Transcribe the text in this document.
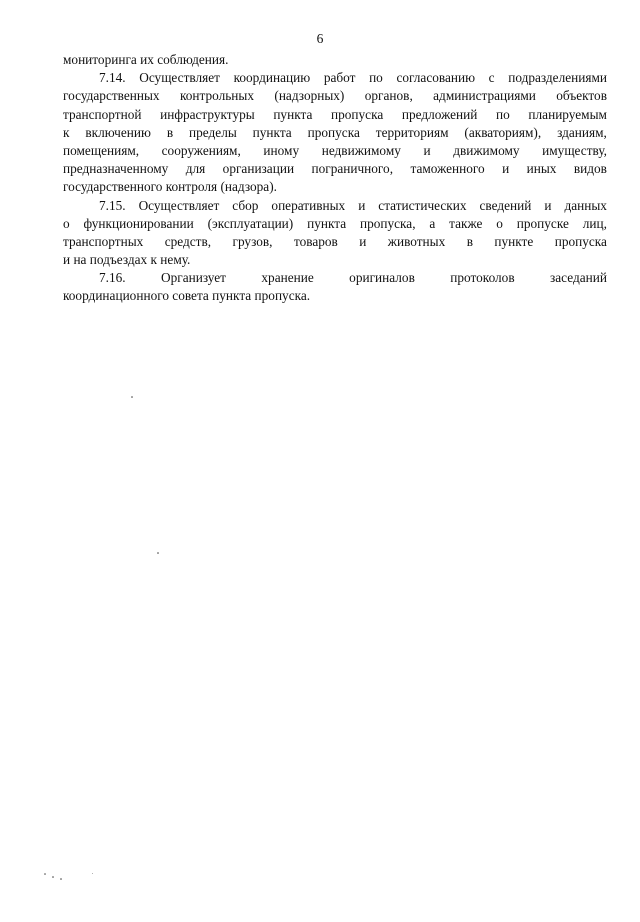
6
мониторинга их соблюдения.
7.14. Осуществляет координацию работ по согласованию с подразделениями
государственных контрольных (надзорных) органов, администрациями объектов
транспортной инфраструктуры пункта пропуска предложений по планируемым
к включению в пределы пункта пропуска территориям (акваториям), зданиям,
помещениям, сооружениям, иному недвижимому и движимому имуществу,
предназначенному для организации пограничного, таможенного и иных видов
государственного контроля (надзора).
7.15. Осуществляет сбор оперативных и статистических сведений и данных
о функционировании (эксплуатации) пункта пропуска, а также о пропуске лиц,
транспортных средств, грузов, товаров и животных в пункте пропуска
и на подъездах к нему.
7.16.	Организует	хранение	оригиналов	протоколов	заседаний
координационного совета пункта пропуска.
